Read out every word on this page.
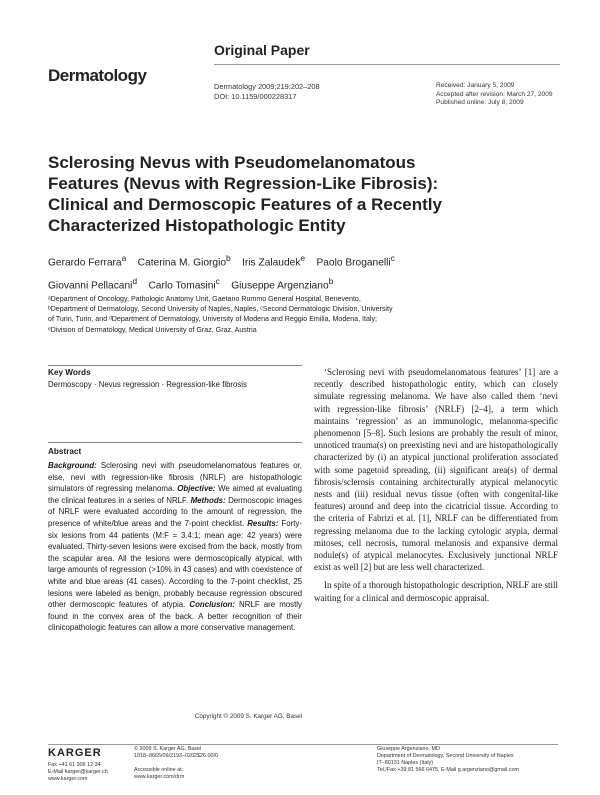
Original Paper
Dermatology
Dermatology 2009;219:202–208
DOI: 10.1159/000228317
Received: January 5, 2009
Accepted after revision: March 27, 2009
Published online: July 8, 2009
Sclerosing Nevus with Pseudomelanomatous
Features (Nevus with Regression-Like Fibrosis):
Clinical and Dermoscopic Features of a Recently
Characterized Histopathologic Entity
Gerardo Ferrara$^a$ Caterina M. Giorgio$^b$ Iris Zalaudek$^e$ Paolo Broganelli$^c$
Giovanni Pellacani$^d$ Carlo Tomasini$^c$ Giuseppe Argenziano$^b$
ᵃDepartment of Oncology, Pathologic Anatomy Unit, Gaetano Rummo General Hospital, Benevento,
ᵇDepartment of Dermatology, Second University of Naples, Naples, ᶜSecond Dermatologic Division, University
of Turin, Turin, and ᵈDepartment of Dermatology, University of Modena and Reggio Emilia, Modena, Italy;
ᵉDivision of Dermatology, Medical University of Graz, Graz, Austria
Key Words
Dermoscopy · Nevus regression · Regression-like fibrosis
Abstract
Background: Sclerosing nevi with pseudomelanomatous features or, else, nevi with regression-like fibrosis (NRLF) are histopathologic simulators of regressing melanoma. Objective: We aimed at evaluating the clinical features in a series of NRLF. Methods: Dermoscopic images of NRLF were evaluated according to the amount of regression, the presence of white/blue areas and the 7-point checklist. Results: Forty-six lesions from 44 patients (M:F = 3.4:1; mean age: 42 years) were evaluated. Thirty-seven lesions were excised from the back, mostly from the scapular area. All the lesions were dermoscopically atypical, with large amounts of regression (>10% in 43 cases) and with coexistence of white and blue areas (41 cases). According to the 7-point checklist, 25 lesions were labeled as benign, probably because regression obscured other dermoscopic features of atypia. Conclusion: NRLF are mostly found in the convex area of the back. A better recognition of their clinicopathologic features can allow a more conservative management.
Copyright © 2009 S. Karger AG, Basel

‘Sclerosing nevi with pseudomelanomatous features’ [1] are a recently described histopathologic entity, which can closely simulate regressing melanoma. We have also called them ‘nevi with regression-like fibrosis’ (NRLF) [2–4], a term which maintains ‘regression’ as an immunologic, melanoma-specific phenomenon [5–8]. Such lesions are probably the result of minor, unnoticed trauma(s) on preexisting nevi and are histopathologically characterized by (i) an atypical junctional proliferation associated with some pagetoid spreading, (ii) significant area(s) of dermal fibrosis/sclerosis containing architecturally atypical melanocytic nests and (iii) residual nevus tissue (often with congenital-like features) around and deep into the cicatricial tissue. According to the criteria of Fabrizi et al. [1], NRLF can be differentiated from regressing melanoma due to the lacking cytologic atypia, dermal mitoses, cell necrosis, tumoral melanosis and expansive dermal nodule(s) of atypical melanocytes. Exclusively junctional NRLF exist as well [2] but are less well characterized.

In spite of a thorough histopathologic description, NRLF are still waiting for a clinical and dermoscopic appraisal.

KARGER
Fax +41 61 306 12 34
E-Mail karger@karger.ch
www.karger.com
© 2009 S. Karger AG, Basel
1018–8665/09/2193–0202$26.00/0

Accessible online at:
www.karger.com/drm
Giuseppe Argenziano, MD
Department of Dermatology, Second University of Naples
IT–80131 Naples (Italy)
Tel./Fax +39 81 566 6475, E-Mail g.argenziano@gmail.com
